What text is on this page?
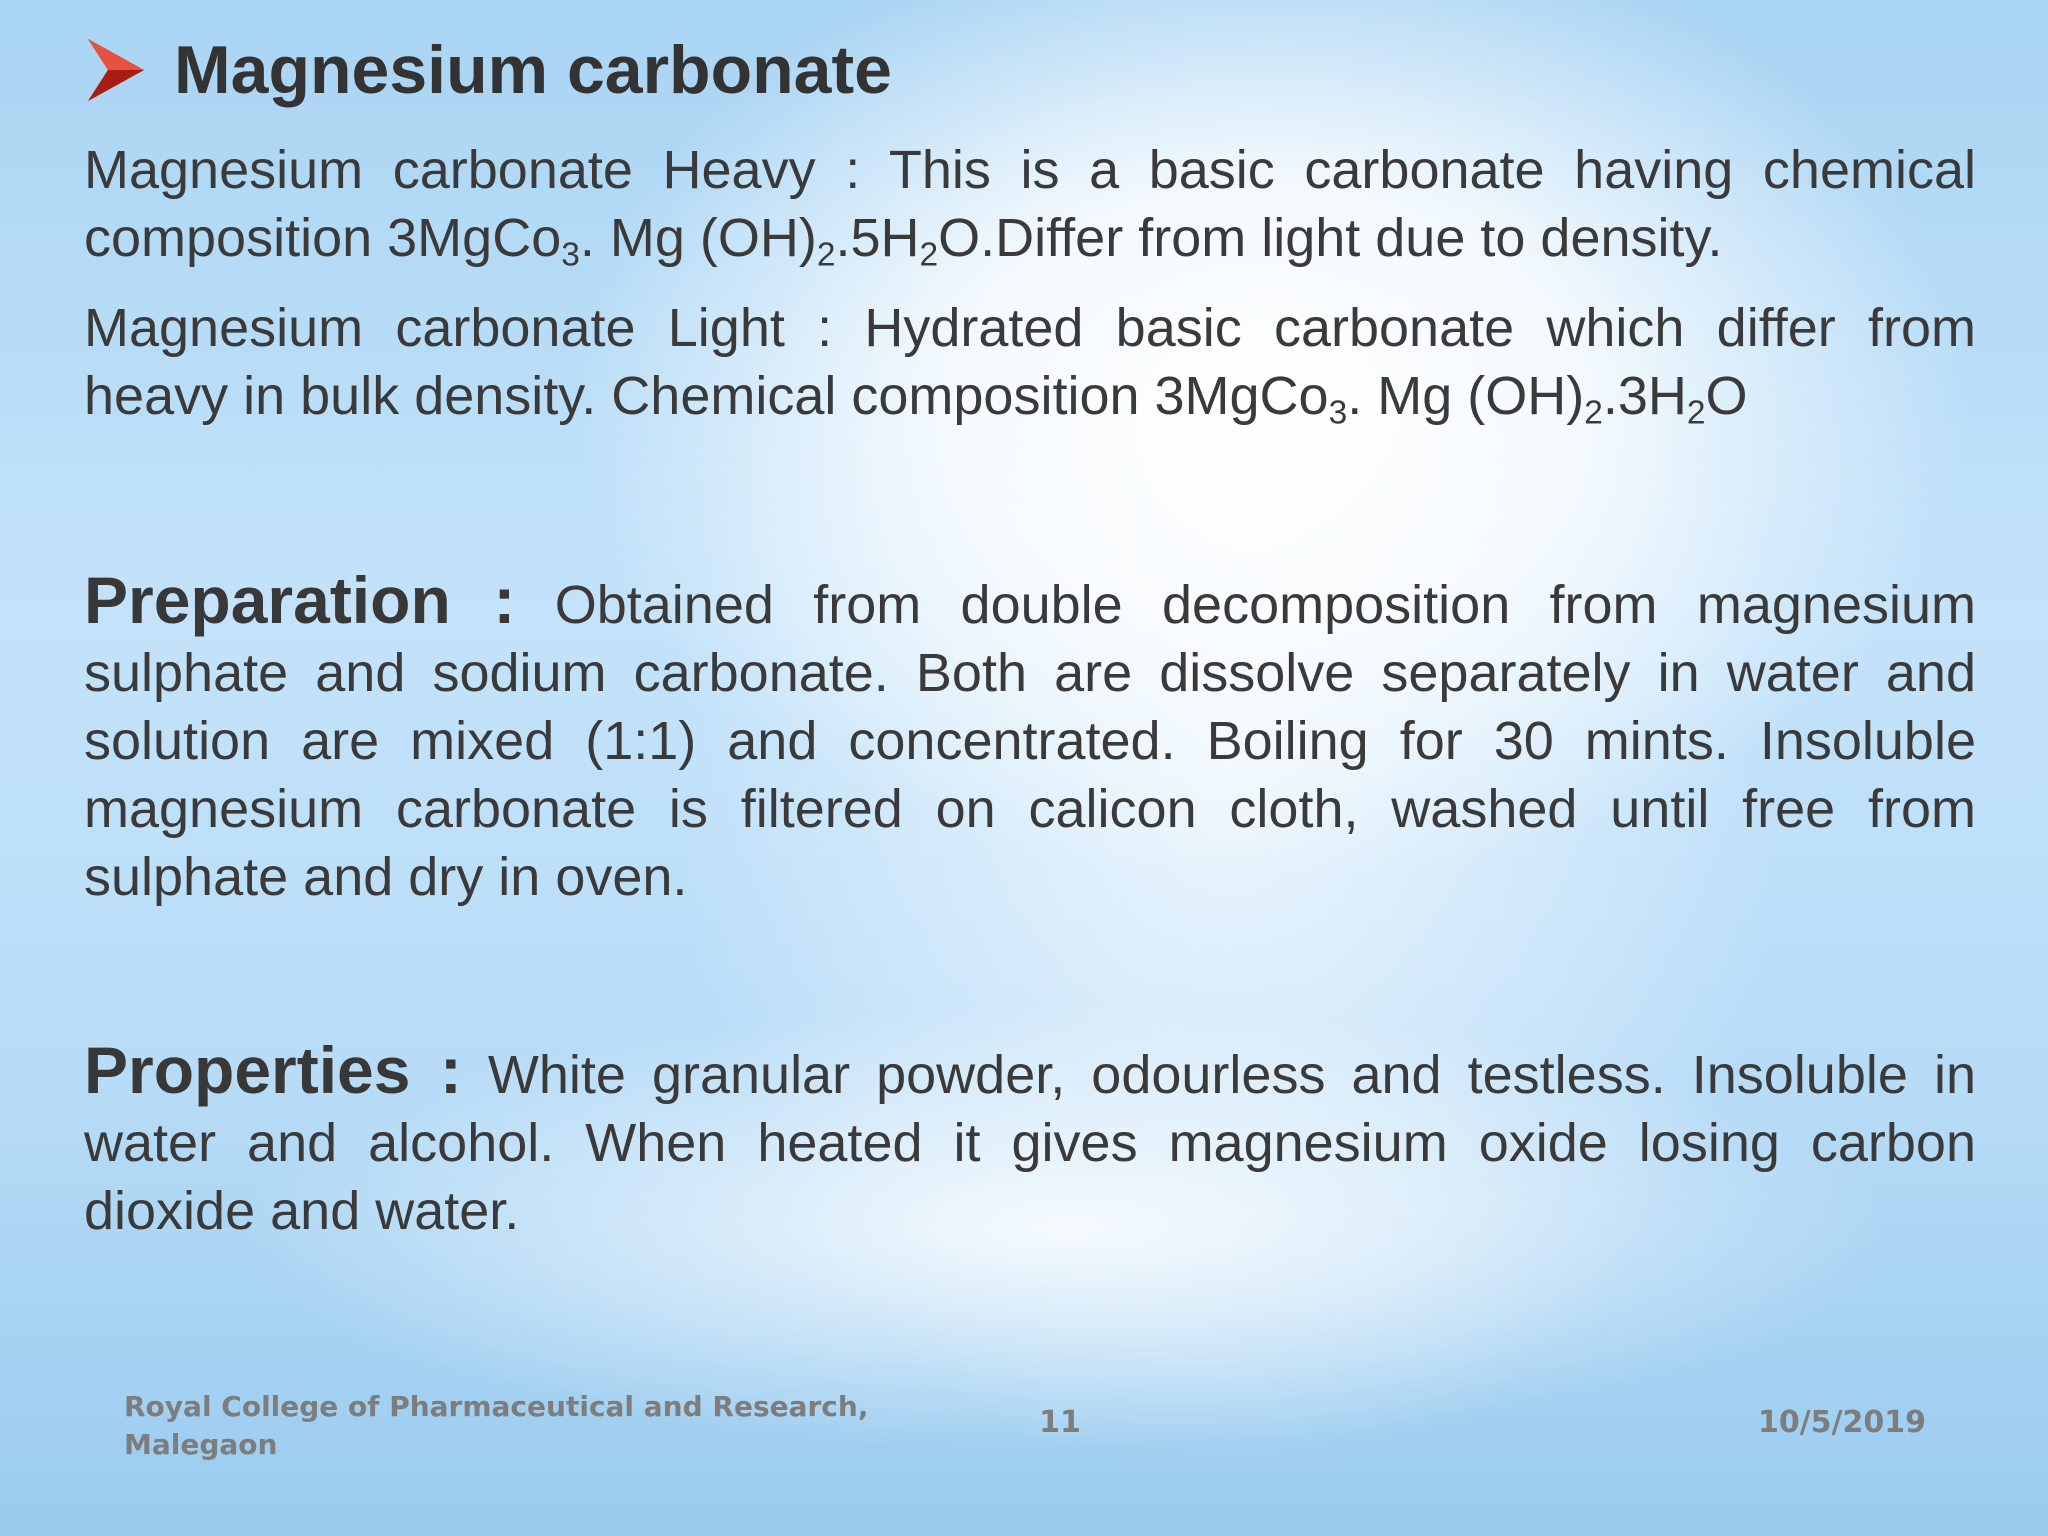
Magnesium carbonate
Magnesium carbonate Heavy : This is a basic carbonate having chemical composition 3MgCo$_3$. Mg $(OH)_2.5H_2O.Differ$ from light due to density.
Magnesium carbonate Light : Hydrated basic carbonate which differ from heavy in bulk density. Chemical composition 3MgCo$_3$. Mg $(OH)_2.3H_2O$
Preparation : Obtained from double decomposition from magnesium sulphate and sodium carbonate. Both are dissolve separately in water and solution are mixed (1:1) and concentrated. Boiling for 30 mints. Insoluble magnesium carbonate is filtered on calicon cloth, washed until free from sulphate and dry in oven.
Properties : White granular powder, odourless and testless. Insoluble in water and alcohol. When heated it gives magnesium oxide losing carbon dioxide and water.
Royal College of Pharmaceutical and Research,
Malegaon
11	10/5/2019
